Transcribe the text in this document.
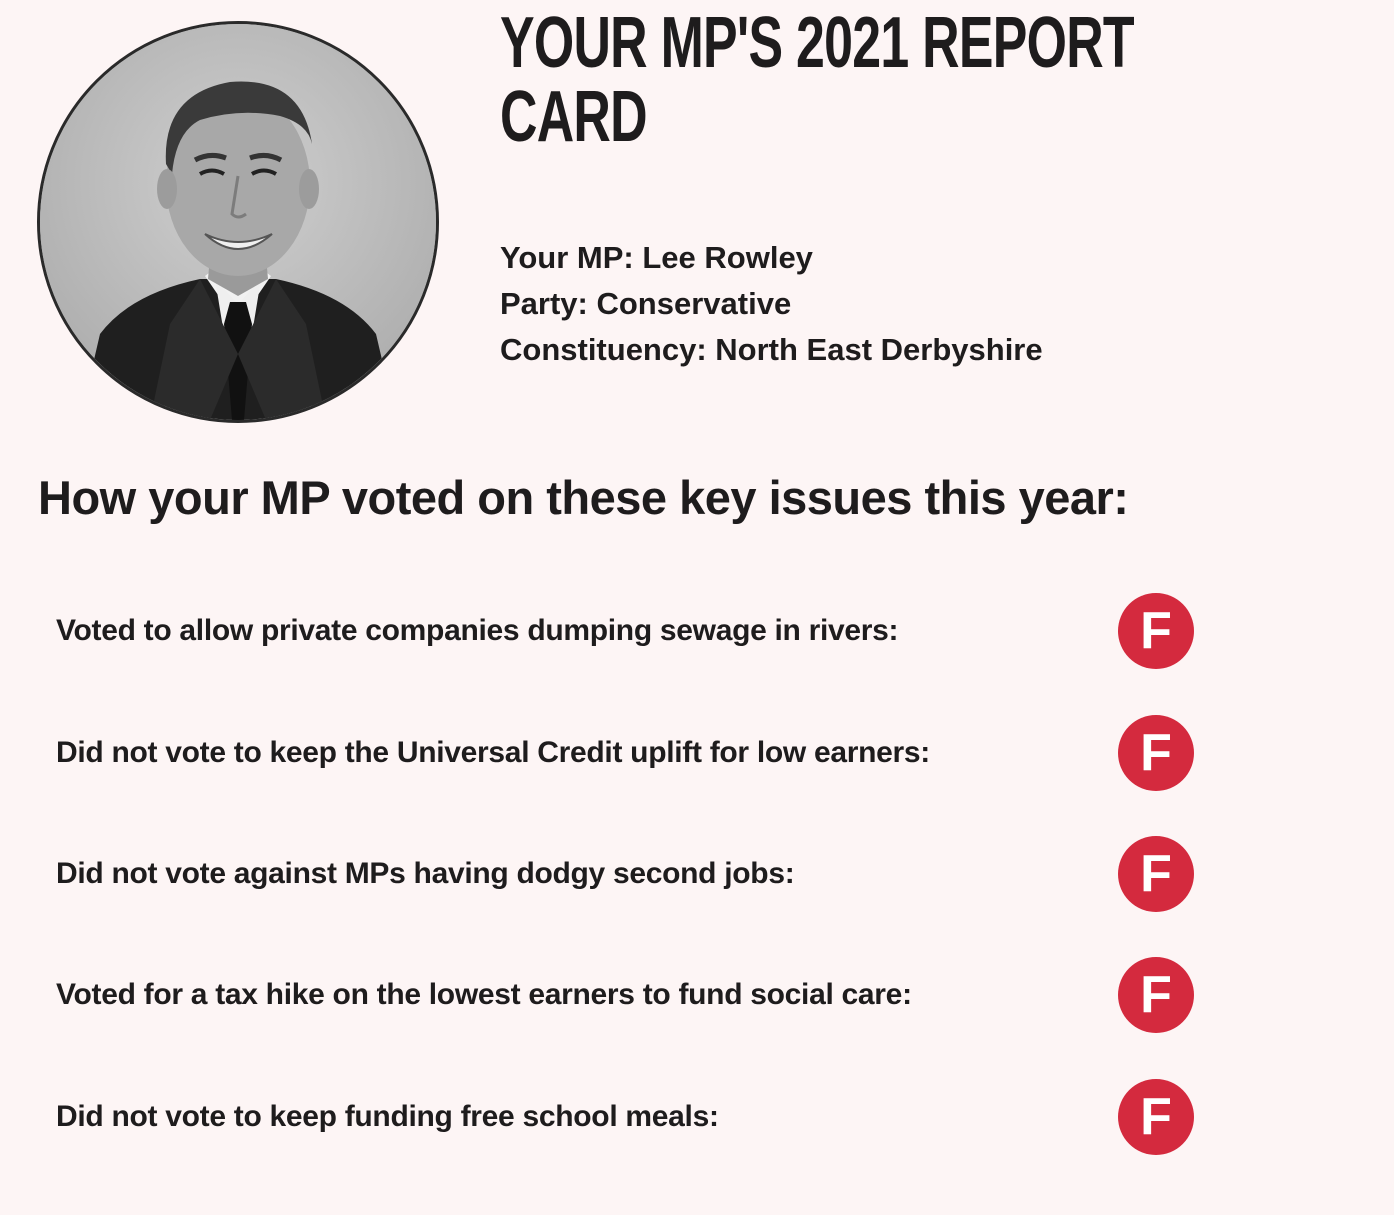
YOUR MP'S 2021 REPORT CARD
Your MP: Lee Rowley
Party: Conservative
Constituency: North East Derbyshire
How your MP voted on these key issues this year:
Voted to allow private companies dumping sewage in rivers:	F
Did not vote to keep the Universal Credit uplift for low earners:	F
Did not vote against MPs having dodgy second jobs:	F
Voted for a tax hike on the lowest earners to fund social care:	F
Did not vote to keep funding free school meals:	F
